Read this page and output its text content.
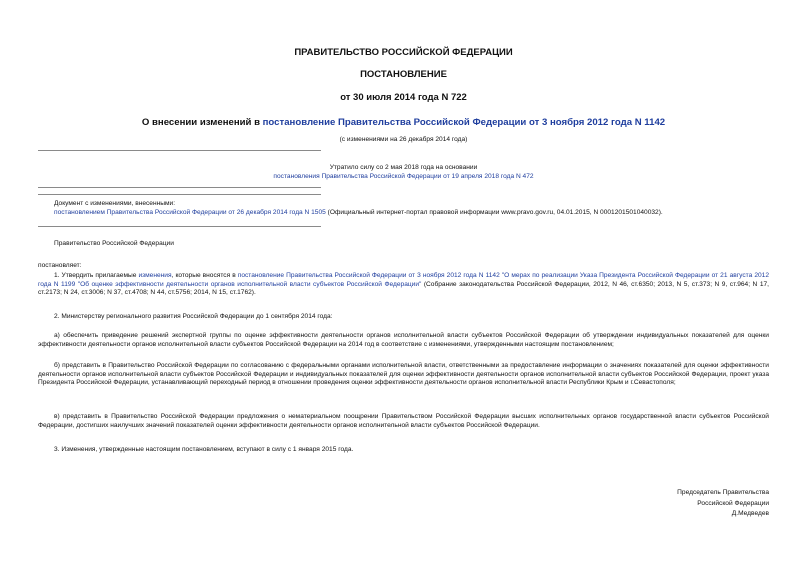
ПРАВИТЕЛЬСТВО РОССИЙСКОЙ ФЕДЕРАЦИИ
ПОСТАНОВЛЕНИЕ
от 30 июля 2014 года N 722
О внесении изменений в постановление Правительства Российской Федерации от 3 ноября 2012 года N 1142
(с изменениями на 26 декабря 2014 года)
Утратило силу со 2 мая 2018 года на основании
постановления Правительства Российской Федерации от 19 апреля 2018 года N 472
Документ с изменениями, внесенными:
постановлением Правительства Российской Федерации от 26 декабря 2014 года N 1505 (Официальный интернет-портал правовой информации www.pravo.gov.ru, 04.01.2015, N 0001201501040032).
Правительство Российской Федерации
постановляет:
1. Утвердить прилагаемые изменения, которые вносятся в постановление Правительства Российской Федерации от 3 ноября 2012 года N 1142 "О мерах по реализации Указа Президента Российской Федерации от 21 августа 2012 года N 1199 "Об оценке эффективности деятельности органов исполнительной власти субъектов Российской Федерации" (Собрание законодательства Российской Федерации, 2012, N 46, ст.6350; 2013, N 5, ст.373; N 9, ст.964; N 17, ст.2173; N 24, ст.3006; N 37, ст.4708; N 44, ст.5756; 2014, N 15, ст.1762).
2. Министерству регионального развития Российской Федерации до 1 сентября 2014 года:
а) обеспечить приведение решений экспертной группы по оценке эффективности деятельности органов исполнительной власти субъектов Российской Федерации об утверждении индивидуальных показателей для оценки эффективности деятельности органов исполнительной власти субъектов Российской Федерации на 2014 год в соответствие с изменениями, утвержденными настоящим постановлением;
б) представить в Правительство Российской Федерации по согласованию с федеральными органами исполнительной власти, ответственными за предоставление информации о значениях показателей для оценки эффективности деятельности органов исполнительной власти субъектов Российской Федерации и индивидуальных показателей для оценки эффективности деятельности органов исполнительной власти субъектов Российской Федерации, проект указа Президента Российской Федерации, устанавливающий переходный период в отношении проведения оценки эффективности деятельности органов исполнительной власти Республики Крым и г.Севастополя;
в) представить в Правительство Российской Федерации предложения о нематериальном поощрении Правительством Российской Федерации высших исполнительных органов государственной власти субъектов Российской Федерации, достигших наилучших значений показателей оценки эффективности деятельности органов исполнительной власти субъектов Российской Федерации.
3. Изменения, утвержденные настоящим постановлением, вступают в силу с 1 января 2015 года.
Председатель Правительства
Российской Федерации
Д.Медведев
